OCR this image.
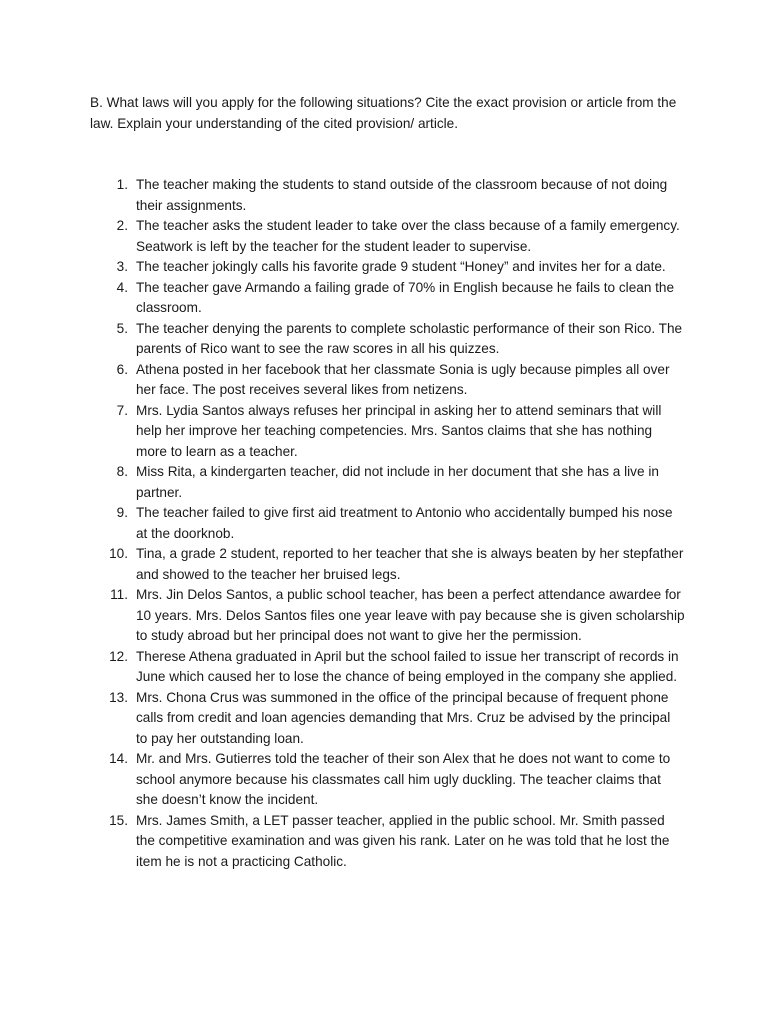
B. What laws will you apply for the following situations? Cite the exact provision or article from the law. Explain your understanding of the cited provision/ article.

1. The teacher making the students to stand outside of the classroom because of not doing their assignments.
2. The teacher asks the student leader to take over the class because of a family emergency. Seatwork is left by the teacher for the student leader to supervise.
3. The teacher jokingly calls his favorite grade 9 student “Honey” and invites her for a date.
4. The teacher gave Armando a failing grade of 70% in English because he fails to clean the classroom.
5. The teacher denying the parents to complete scholastic performance of their son Rico. The parents of Rico want to see the raw scores in all his quizzes.
6. Athena posted in her facebook that her classmate Sonia is ugly because pimples all over her face. The post receives several likes from netizens.
7. Mrs. Lydia Santos always refuses her principal in asking her to attend seminars that will help her improve her teaching competencies. Mrs. Santos claims that she has nothing more to learn as a teacher.
8. Miss Rita, a kindergarten teacher, did not include in her document that she has a live in partner.
9. The teacher failed to give first aid treatment to Antonio who accidentally bumped his nose at the doorknob.
10. Tina, a grade 2 student, reported to her teacher that she is always beaten by her stepfather and showed to the teacher her bruised legs.
11. Mrs. Jin Delos Santos, a public school teacher, has been a perfect attendance awardee for 10 years. Mrs. Delos Santos files one year leave with pay because she is given scholarship to study abroad but her principal does not want to give her the permission.
12. Therese Athena graduated in April but the school failed to issue her transcript of records in June which caused her to lose the chance of being employed in the company she applied.
13. Mrs. Chona Crus was summoned in the office of the principal because of frequent phone calls from credit and loan agencies demanding that Mrs. Cruz be advised by the principal to pay her outstanding loan.
14. Mr. and Mrs. Gutierres told the teacher of their son Alex that he does not want to come to school anymore because his classmates call him ugly duckling. The teacher claims that she doesn’t know the incident.
15. Mrs. James Smith, a LET passer teacher, applied in the public school. Mr. Smith passed the competitive examination and was given his rank. Later on he was told that he lost the item he is not a practicing Catholic.
